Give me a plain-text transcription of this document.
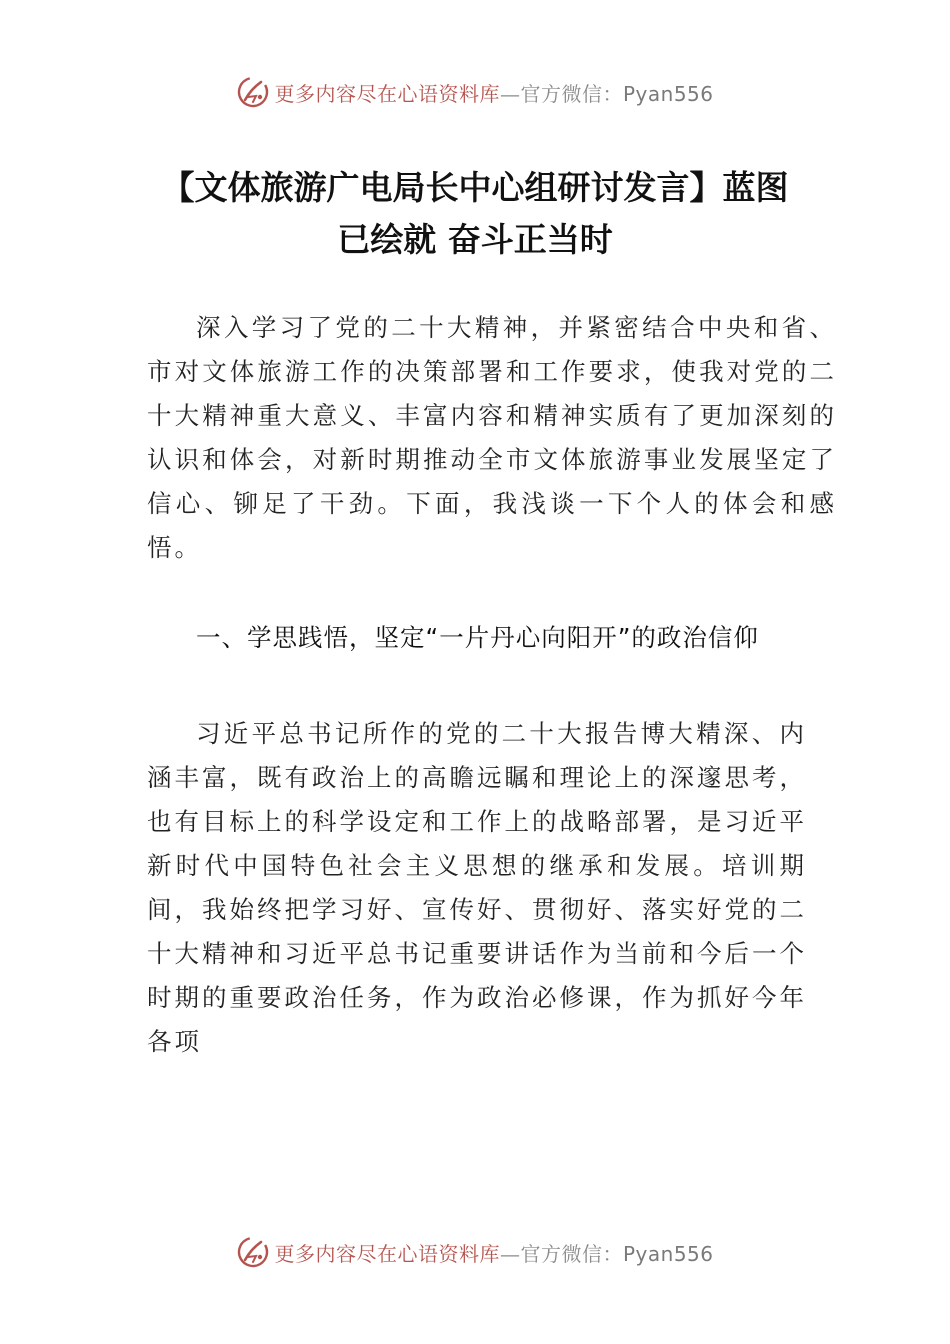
更多内容尽在心语资料库—官方微信：Pyan556
【文体旅游广电局长中心组研讨发言】蓝图
已绘就 奋斗正当时

深入学习了党的二十大精神，并紧密结合中央和省、市对文体旅游工作的决策部署和工作要求，使我对党的二十大精神重大意义、丰富内容和精神实质有了更加深刻的认识和体会，对新时期推动全市文体旅游事业发展坚定了信心、铆足了干劲。下面，我浅谈一下个人的体会和感悟。

一、学思践悟，坚定“一片丹心向阳开”的政治信仰

习近平总书记所作的党的二十大报告博大精深、内涵丰富，既有政治上的高瞻远瞩和理论上的深邃思考，也有目标上的科学设定和工作上的战略部署，是习近平新时代中国特色社会主义思想的继承和发展。培训期间，我始终把学习好、宣传好、贯彻好、落实好党的二十大精神和习近平总书记重要讲话作为当前和今后一个时期的重要政治任务，作为政治必修课，作为抓好今年各项

更多内容尽在心语资料库—官方微信：Pyan556
